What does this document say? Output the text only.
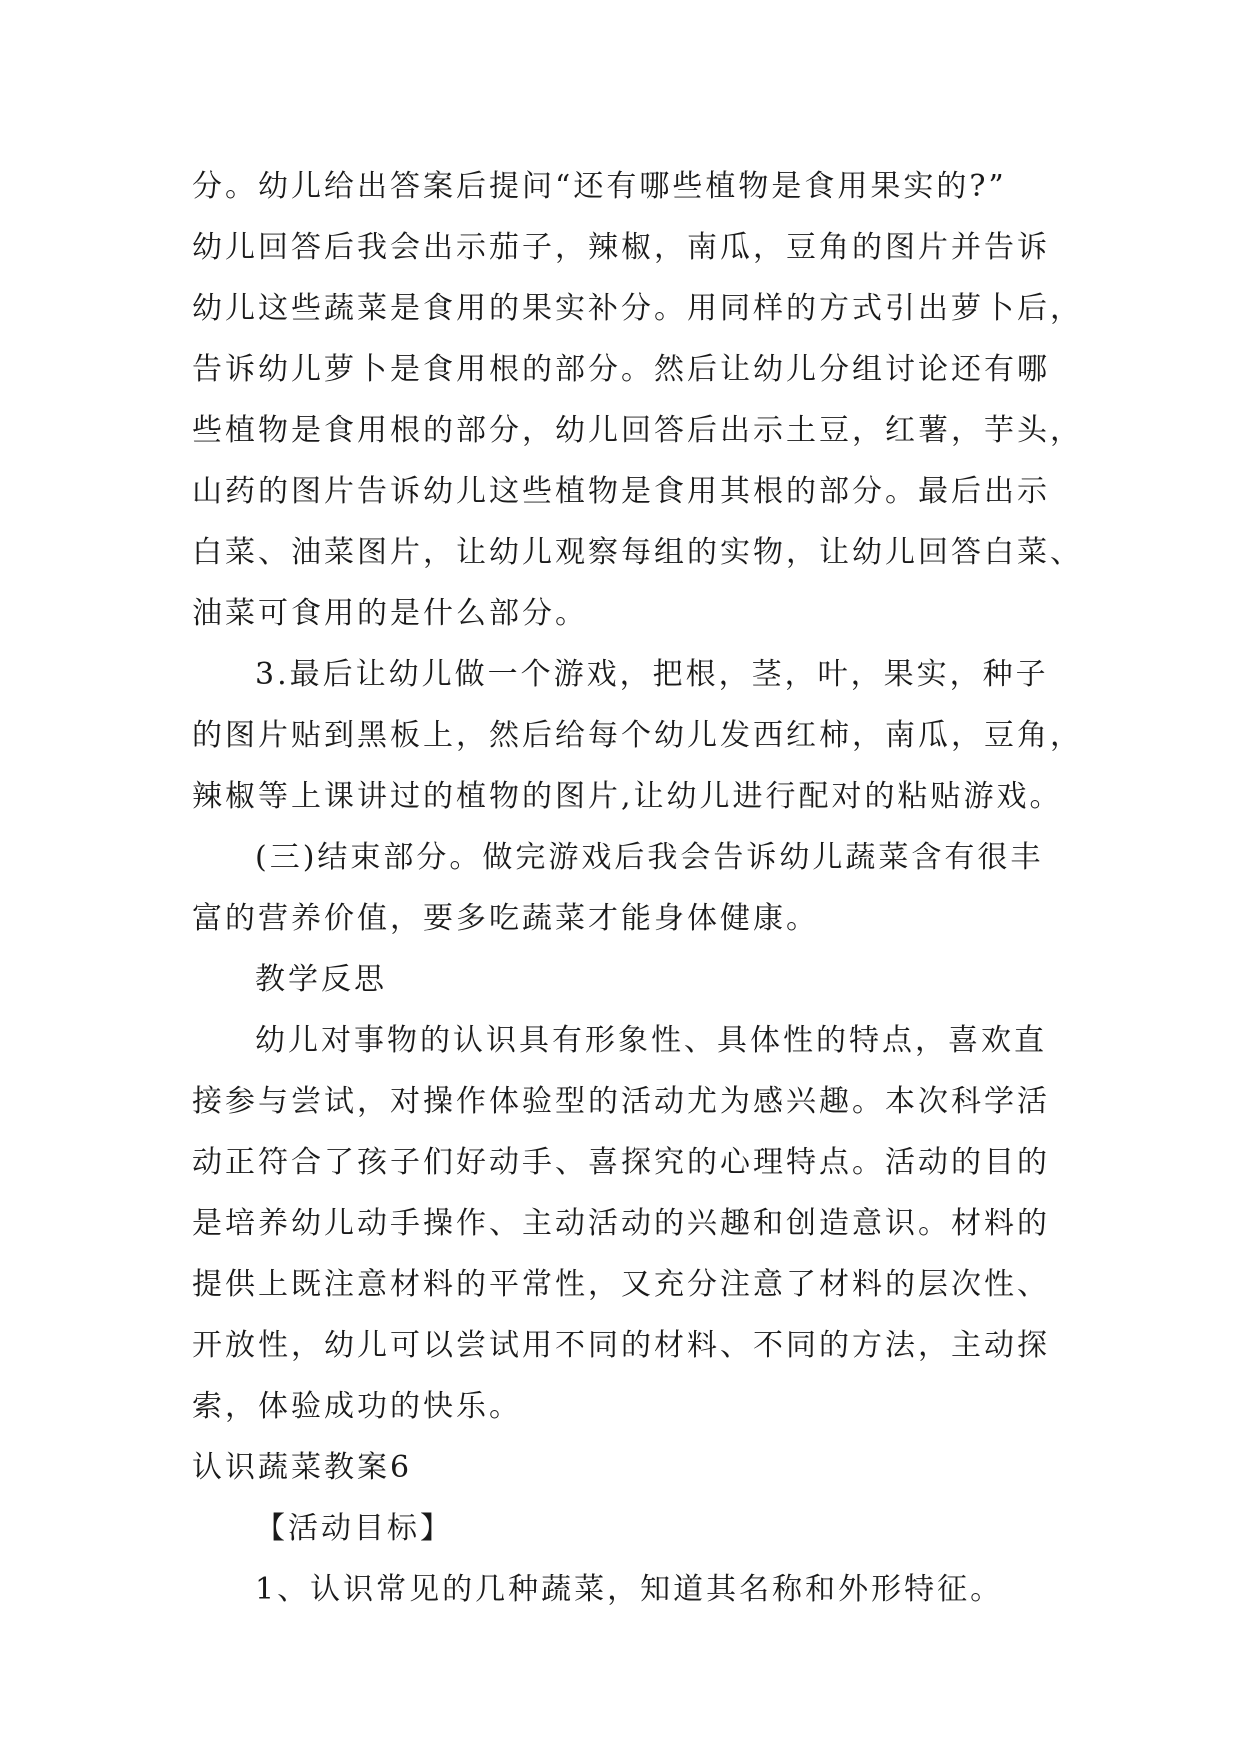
分。幼儿给出答案后提问“还有哪些植物是食用果实的?”

幼儿回答后我会出示茄子，辣椒，南瓜，豆角的图片并告诉

幼儿这些蔬菜是食用的果实补分。用同样的方式引出萝卜后，

告诉幼儿萝卜是食用根的部分。然后让幼儿分组讨论还有哪

些植物是食用根的部分，幼儿回答后出示土豆，红薯，芋头，

山药的图片告诉幼儿这些植物是食用其根的部分。最后出示

白菜、油菜图片，让幼儿观察每组的实物，让幼儿回答白菜、

油菜可食用的是什么部分。

3.最后让幼儿做一个游戏，把根，茎，叶，果实，种子

的图片贴到黑板上，然后给每个幼儿发西红柿，南瓜，豆角，

辣椒等上课讲过的植物的图片,让幼儿进行配对的粘贴游戏。

(三)结束部分。做完游戏后我会告诉幼儿蔬菜含有很丰

富的营养价值，要多吃蔬菜才能身体健康。

教学反思

幼儿对事物的认识具有形象性、具体性的特点，喜欢直

接参与尝试，对操作体验型的活动尤为感兴趣。本次科学活

动正符合了孩子们好动手、喜探究的心理特点。活动的目的

是培养幼儿动手操作、主动活动的兴趣和创造意识。材料的

提供上既注意材料的平常性，又充分注意了材料的层次性、

开放性，幼儿可以尝试用不同的材料、不同的方法，主动探

索，体验成功的快乐。

认识蔬菜教案6

【活动目标】

1、认识常见的几种蔬菜，知道其名称和外形特征。
